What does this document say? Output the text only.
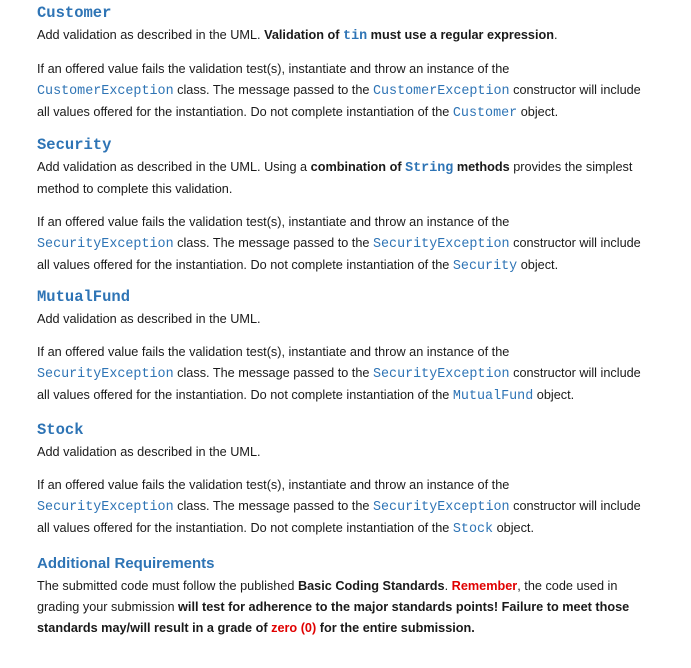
Customer

Add validation as described in the UML. Validation of tin must use a regular expression.

If an offered value fails the validation test(s), instantiate and throw an instance of the
CustomerException class. The message passed to the CustomerException constructor will include
all values offered for the instantiation. Do not complete instantiation of the Customer object.

Security

Add validation as described in the UML. Using a combination of String methods provides the simplest
method to complete this validation.

If an offered value fails the validation test(s), instantiate and throw an instance of the
SecurityException class. The message passed to the SecurityException constructor will include
all values offered for the instantiation. Do not complete instantiation of the Security object.

MutualFund

Add validation as described in the UML.

If an offered value fails the validation test(s), instantiate and throw an instance of the
SecurityException class. The message passed to the SecurityException constructor will include
all values offered for the instantiation. Do not complete instantiation of the MutualFund object.

Stock

Add validation as described in the UML.

If an offered value fails the validation test(s), instantiate and throw an instance of the
SecurityException class. The message passed to the SecurityException constructor will include
all values offered for the instantiation. Do not complete instantiation of the Stock object.

Additional Requirements

The submitted code must follow the published Basic Coding Standards. Remember, the code used in
grading your submission will test for adherence to the major standards points! Failure to meet those
standards may/will result in a grade of zero (0) for the entire submission.
